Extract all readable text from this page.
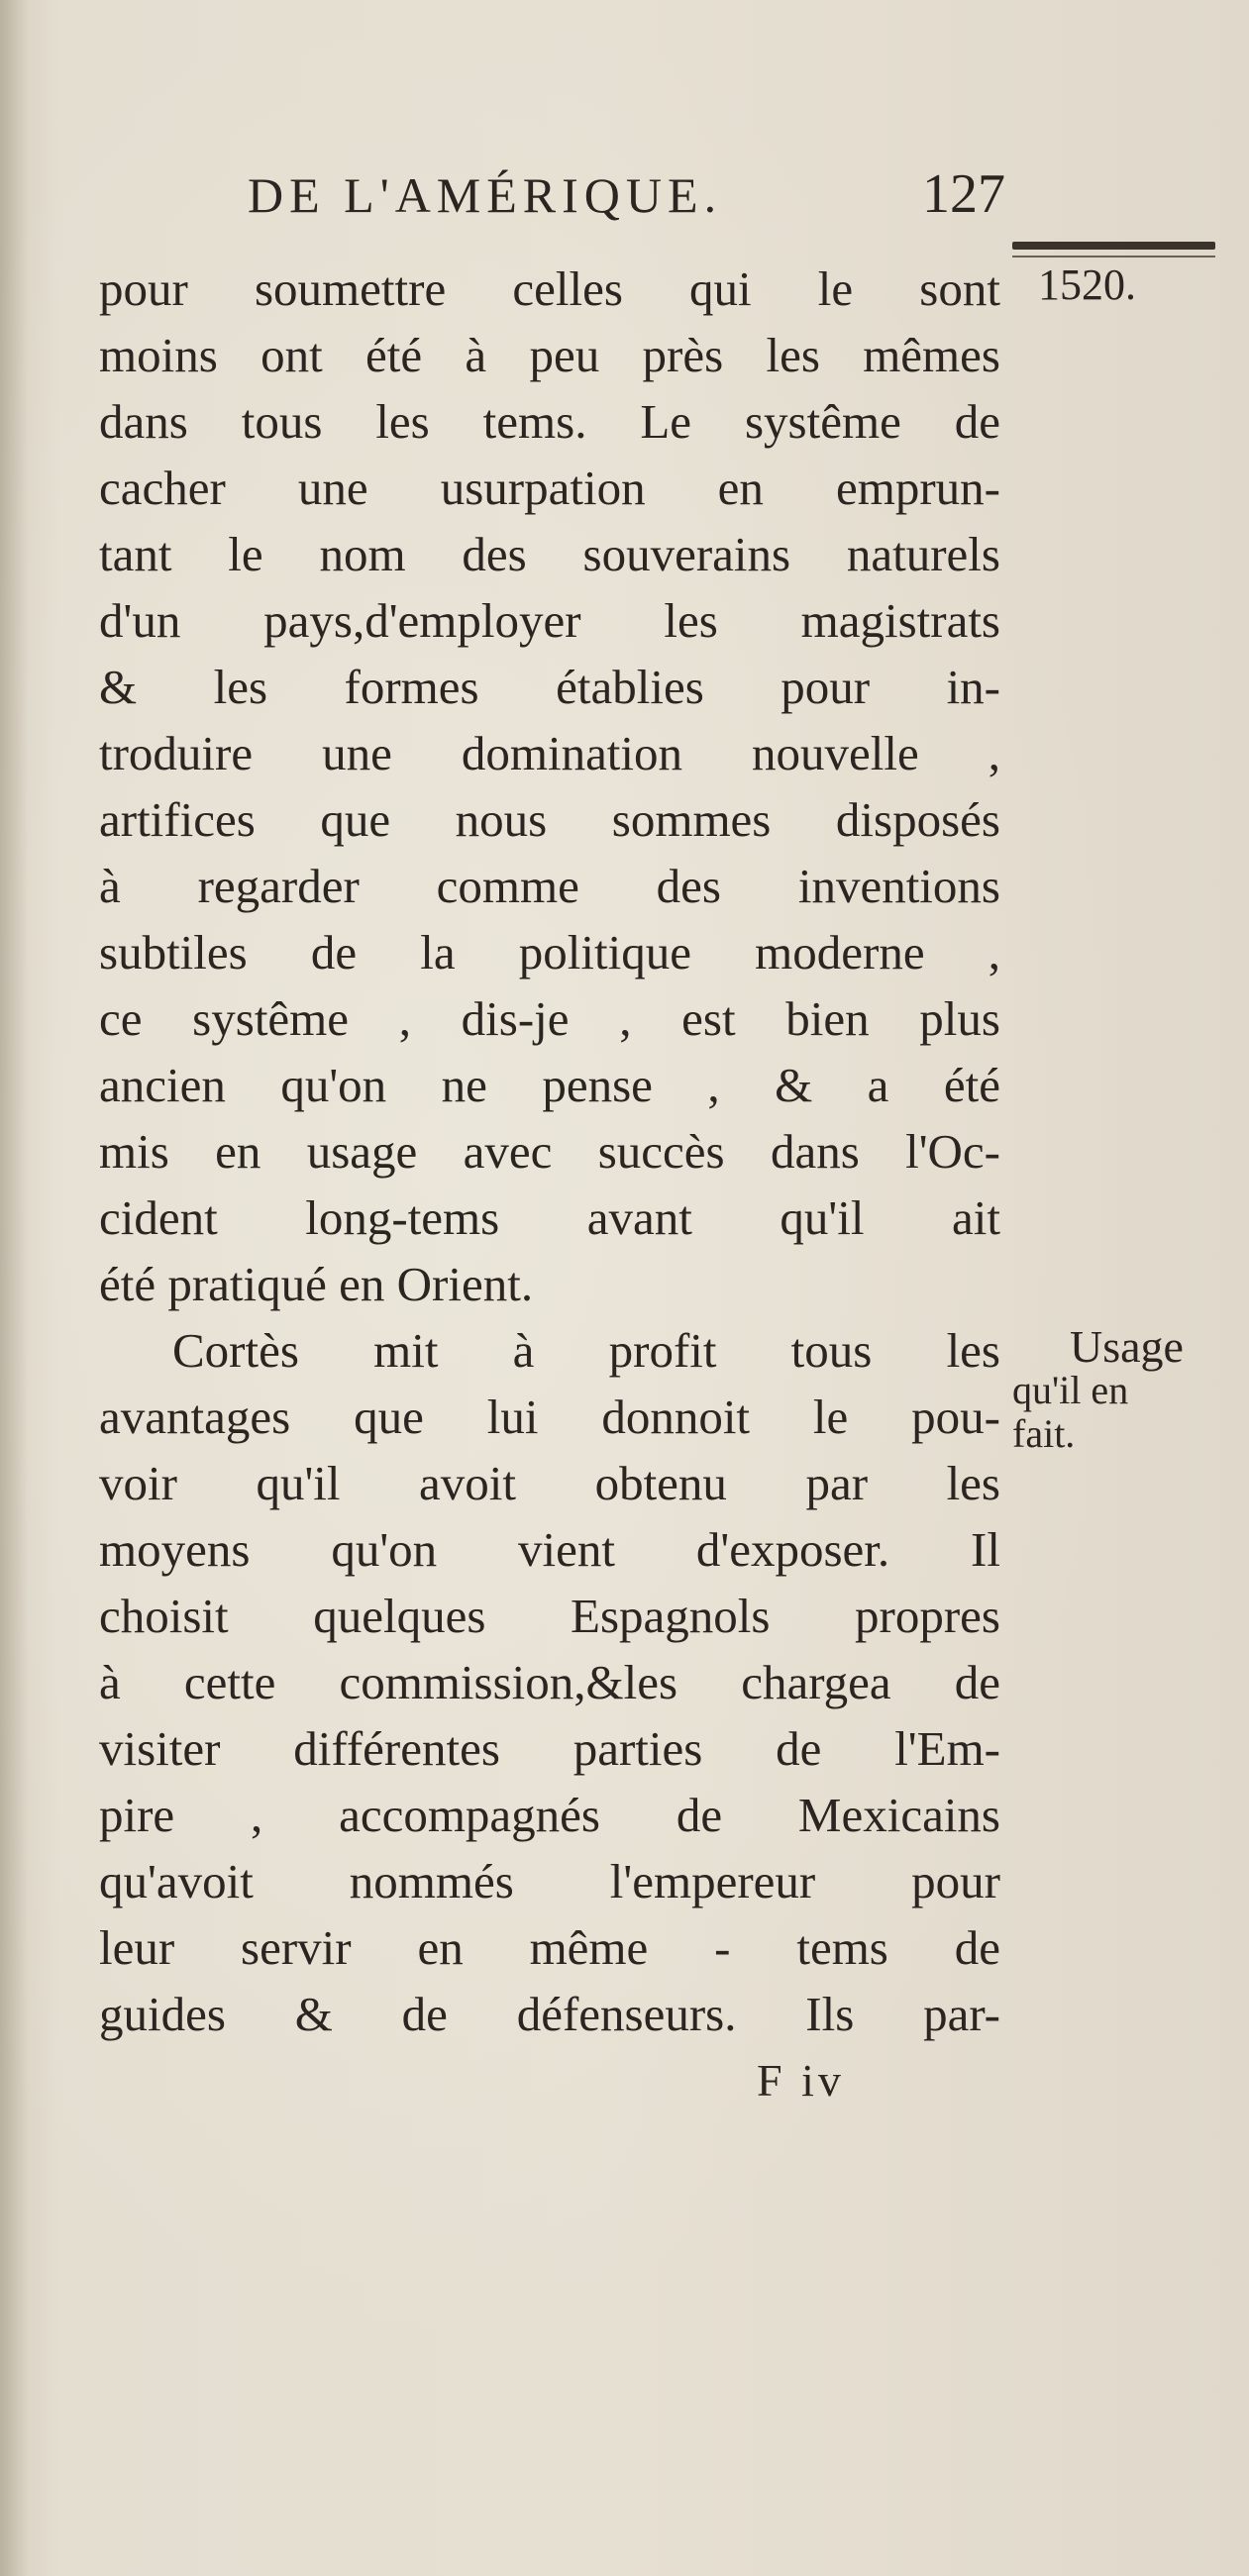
DE L'AMÉRIQUE.	127
1520.
pour soumettre celles qui le sont
moins ont été à peu près les mêmes
dans tous les tems. Le systême de
cacher une usurpation en emprun-
tant le nom des souverains naturels
d'un pays,d'employer les magistrats
& les formes établies pour in-
troduire une domination nouvelle ,
artifices que nous sommes disposés
à regarder comme des inventions
subtiles de la politique moderne ,
ce systême , dis-je , est bien plus
ancien qu'on ne pense , & a été
mis en usage avec succès dans l'Oc-
cident long-tems avant qu'il ait
été pratiqué en Orient.
Cortès mit à profit tous les
avantages que lui donnoit le pou-
voir qu'il avoit obtenu par les
moyens qu'on vient d'exposer. Il
choisit quelques Espagnols propres
à cette commission,&les chargea de
visiter différentes parties de l'Em-
pire , accompagnés de Mexicains
qu'avoit nommés l'empereur pour
leur servir en même - tems de
guides & de défenseurs. Ils par-
Usage
qu'il en
fait.
F iv
